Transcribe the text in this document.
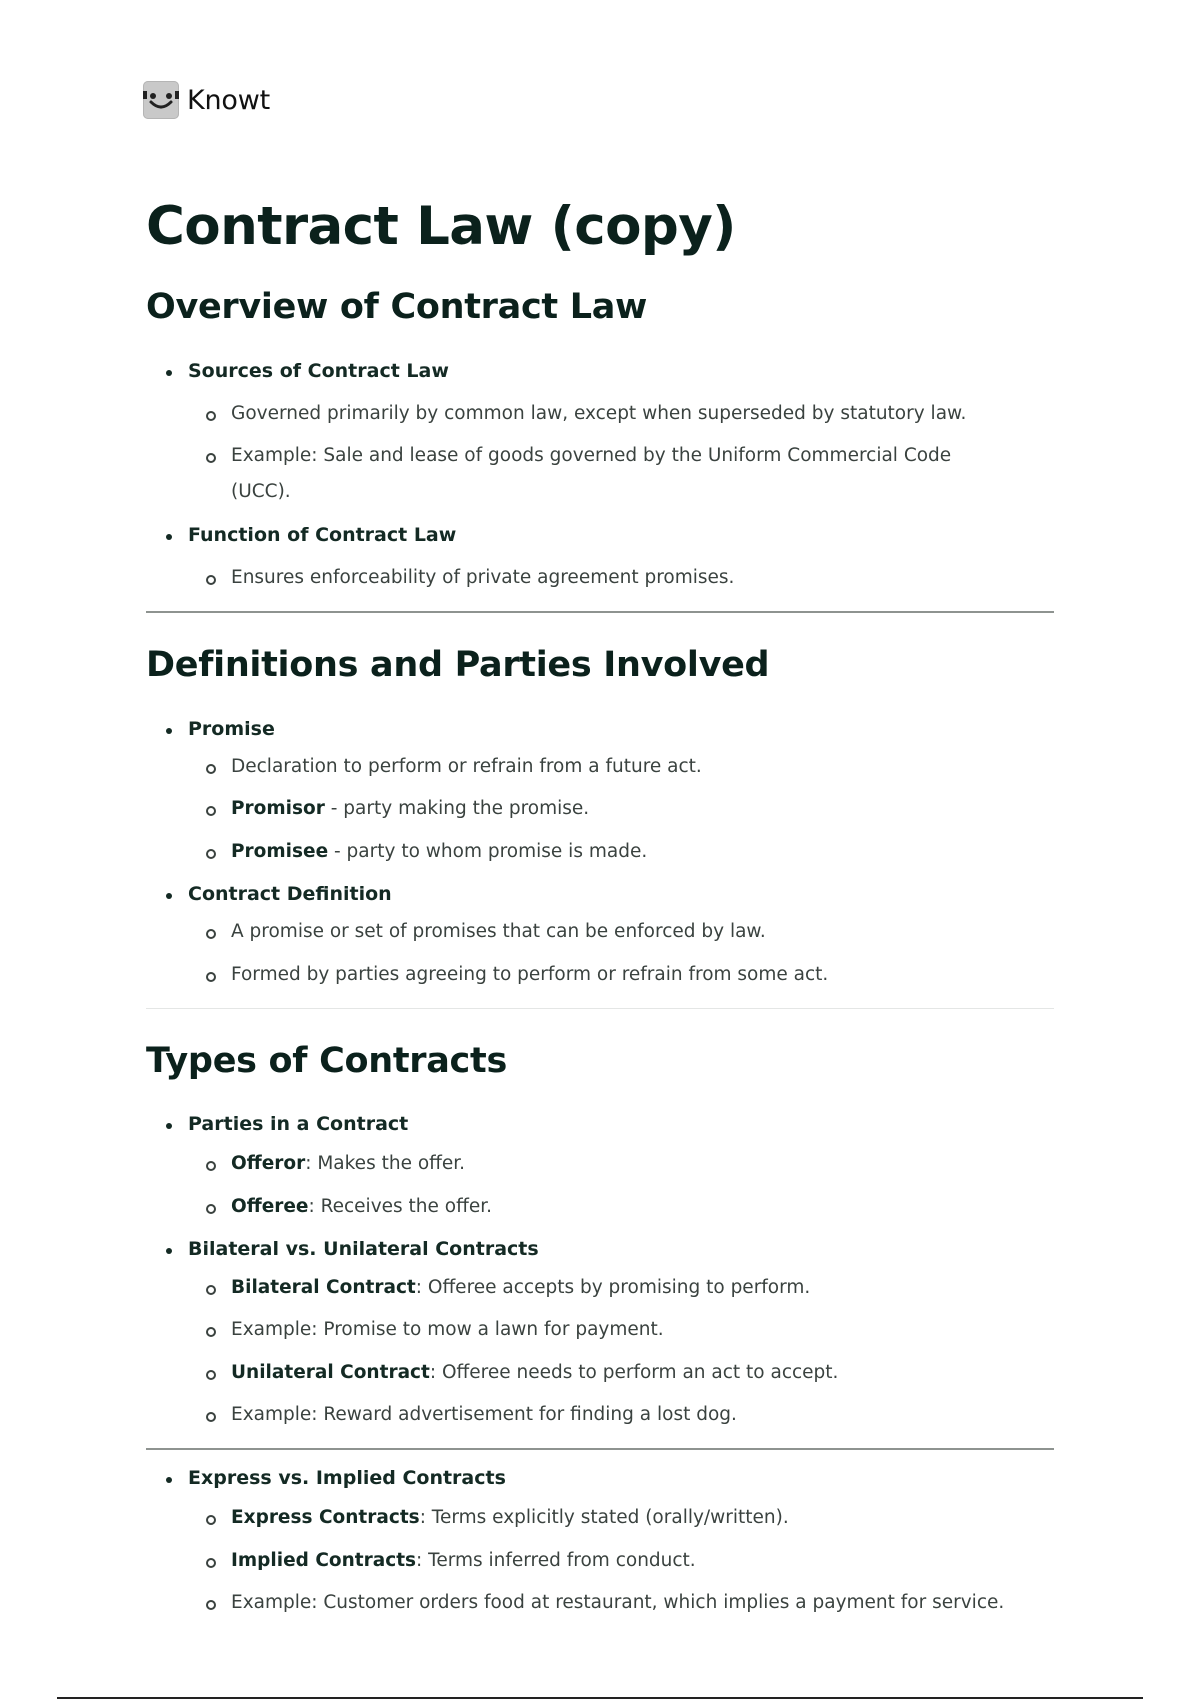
Knowt
Contract Law (copy)
Overview of Contract Law
Sources of Contract Law
Governed primarily by common law, except when superseded by statutory law.
Example: Sale and lease of goods governed by the Uniform Commercial Code
(UCC).
Function of Contract Law
Ensures enforceability of private agreement promises.
Definitions and Parties Involved
Promise
Declaration to perform or refrain from a future act.
Promisor - party making the promise.
Promisee - party to whom promise is made.
Contract Definition
A promise or set of promises that can be enforced by law.
Formed by parties agreeing to perform or refrain from some act.
Types of Contracts
Parties in a Contract
Offeror: Makes the offer.
Offeree: Receives the offer.
Bilateral vs. Unilateral Contracts
Bilateral Contract: Offeree accepts by promising to perform.
Example: Promise to mow a lawn for payment.
Unilateral Contract: Offeree needs to perform an act to accept.
Example: Reward advertisement for finding a lost dog.
Express vs. Implied Contracts
Express Contracts: Terms explicitly stated (orally/written).
Implied Contracts: Terms inferred from conduct.
Example: Customer orders food at restaurant, which implies a payment for service.
